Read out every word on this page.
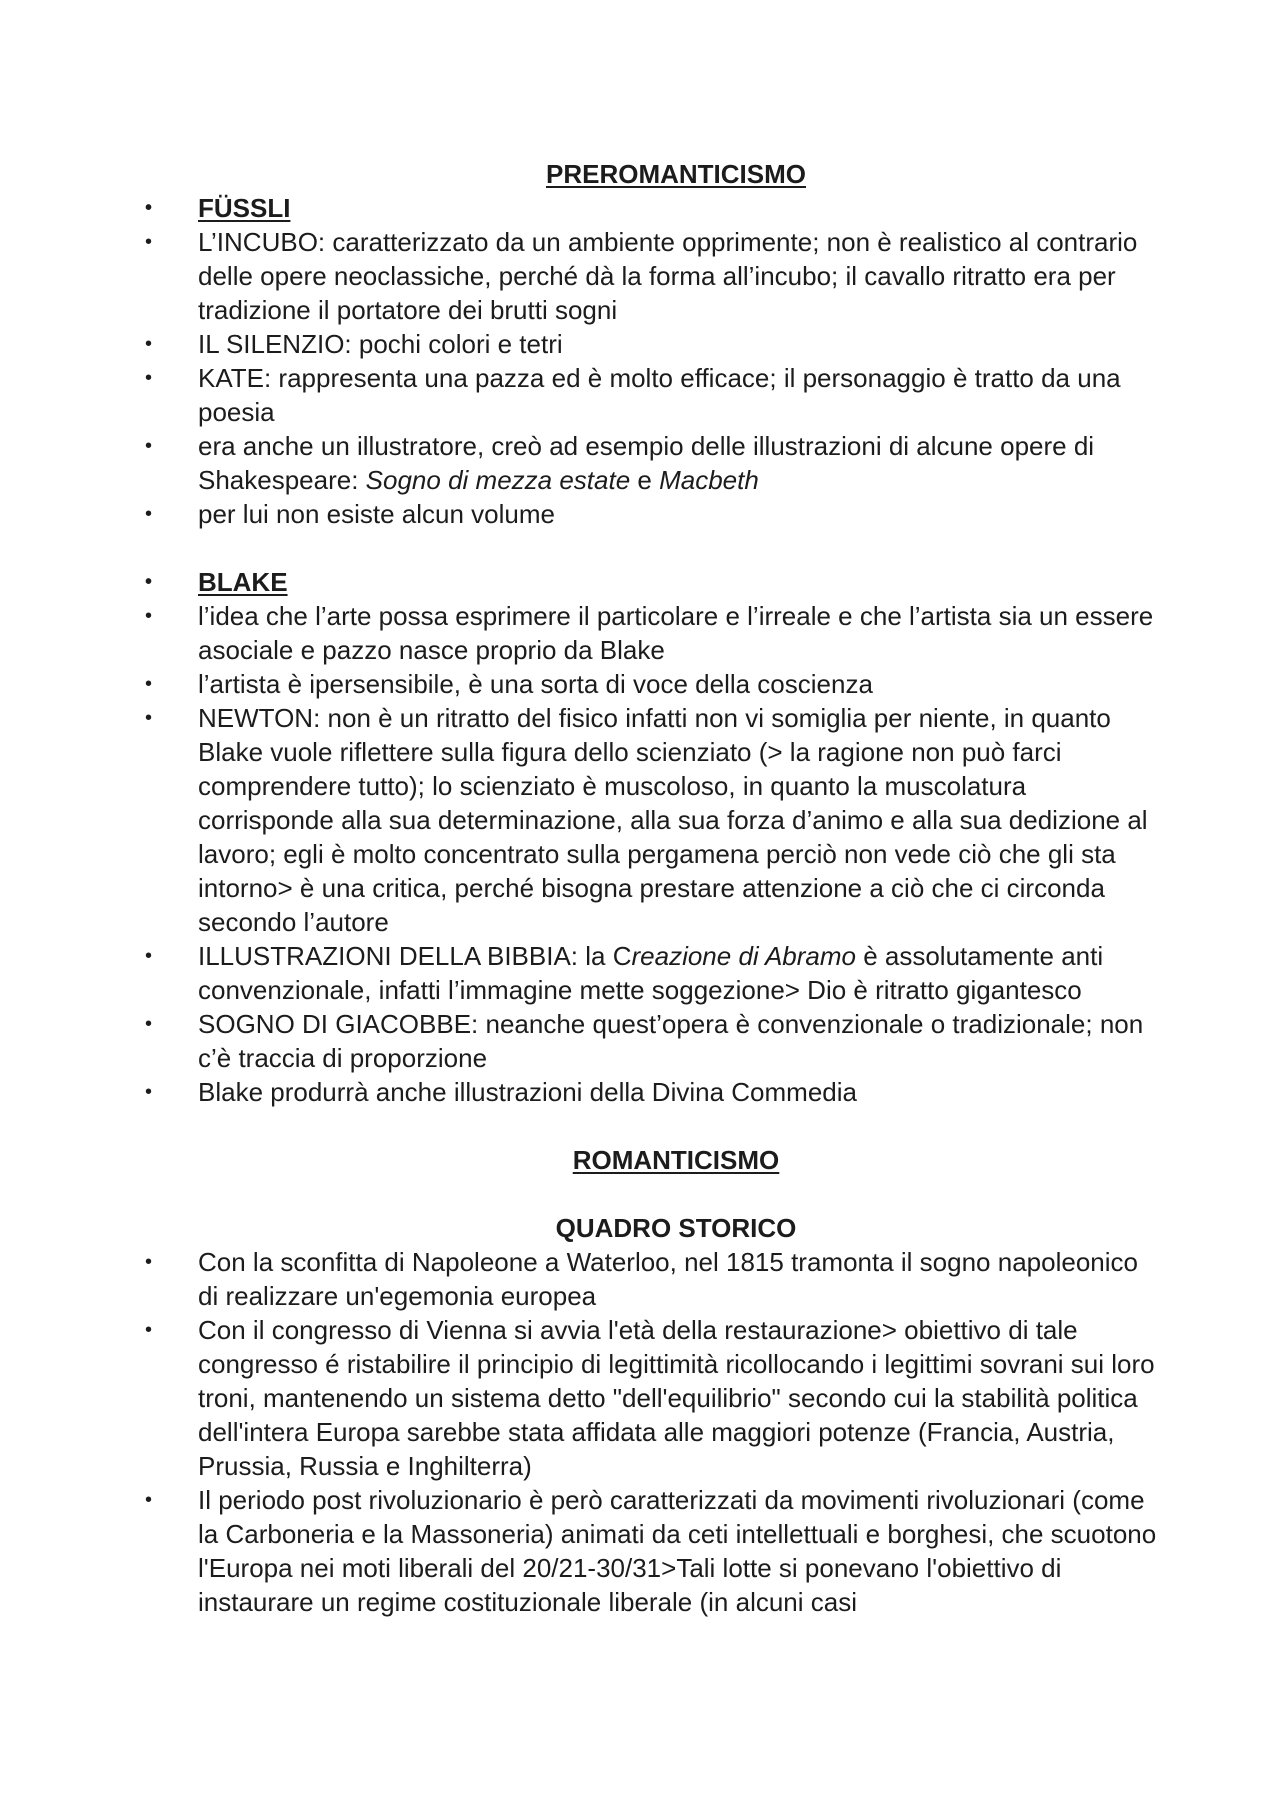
PREROMANTICISMO

•	FÜSSLI
•	L’INCUBO: caratterizzato da un ambiente opprimente; non è realistico al contrario delle opere neoclassiche, perché dà la forma all’incubo; il cavallo ritratto era per tradizione il portatore dei brutti sogni
•	IL SILENZIO: pochi colori e tetri
•	KATE: rappresenta una pazza ed è molto efficace; il personaggio è tratto da una poesia
•	era anche un illustratore, creò ad esempio delle illustrazioni di alcune opere di Shakespeare: Sogno di mezza estate e Macbeth
•	per lui non esiste alcun volume
•	BLAKE
•	l’idea che l’arte possa esprimere il particolare e l’irreale e che l’artista sia un essere asociale e pazzo nasce proprio da Blake
•	l’artista è ipersensibile, è una sorta di voce della coscienza
•	NEWTON: non è un ritratto del fisico infatti non vi somiglia per niente, in quanto Blake vuole riflettere sulla figura dello scienziato (> la ragione non può farci comprendere tutto); lo scienziato è muscoloso, in quanto la muscolatura corrisponde alla sua determinazione, alla sua forza d’animo e alla sua dedizione al lavoro; egli è molto concentrato sulla pergamena perciò non vede ciò che gli sta intorno> è una critica, perché bisogna prestare attenzione a ciò che ci circonda secondo l’autore
•	ILLUSTRAZIONI DELLA BIBBIA: la Creazione di Abramo è assolutamente anti convenzionale, infatti l’immagine mette soggezione> Dio è ritratto gigantesco
•	SOGNO DI GIACOBBE: neanche quest’opera è convenzionale o tradizionale; non c’è traccia di proporzione
•	Blake produrrà anche illustrazioni della Divina Commedia

ROMANTICISMO

QUADRO STORICO

•	Con la sconfitta di Napoleone a Waterloo, nel 1815 tramonta il sogno napoleonico di realizzare un'egemonia europea
•	Con il congresso di Vienna si avvia l'età della restaurazione> obiettivo di tale congresso é ristabilire il principio di legittimità ricollocando i legittimi sovrani sui loro troni, mantenendo un sistema detto "dell'equilibrio" secondo cui la stabilità politica dell'intera Europa sarebbe stata affidata alle maggiori potenze (Francia, Austria, Prussia, Russia e Inghilterra)
•	Il periodo post rivoluzionario è però caratterizzati da movimenti rivoluzionari (come la Carboneria e la Massoneria) animati da ceti intellettuali e borghesi, che scuotono l'Europa nei moti liberali del 20/21-30/31>Tali lotte si ponevano l'obiettivo di instaurare un regime costituzionale liberale (in alcuni casi
